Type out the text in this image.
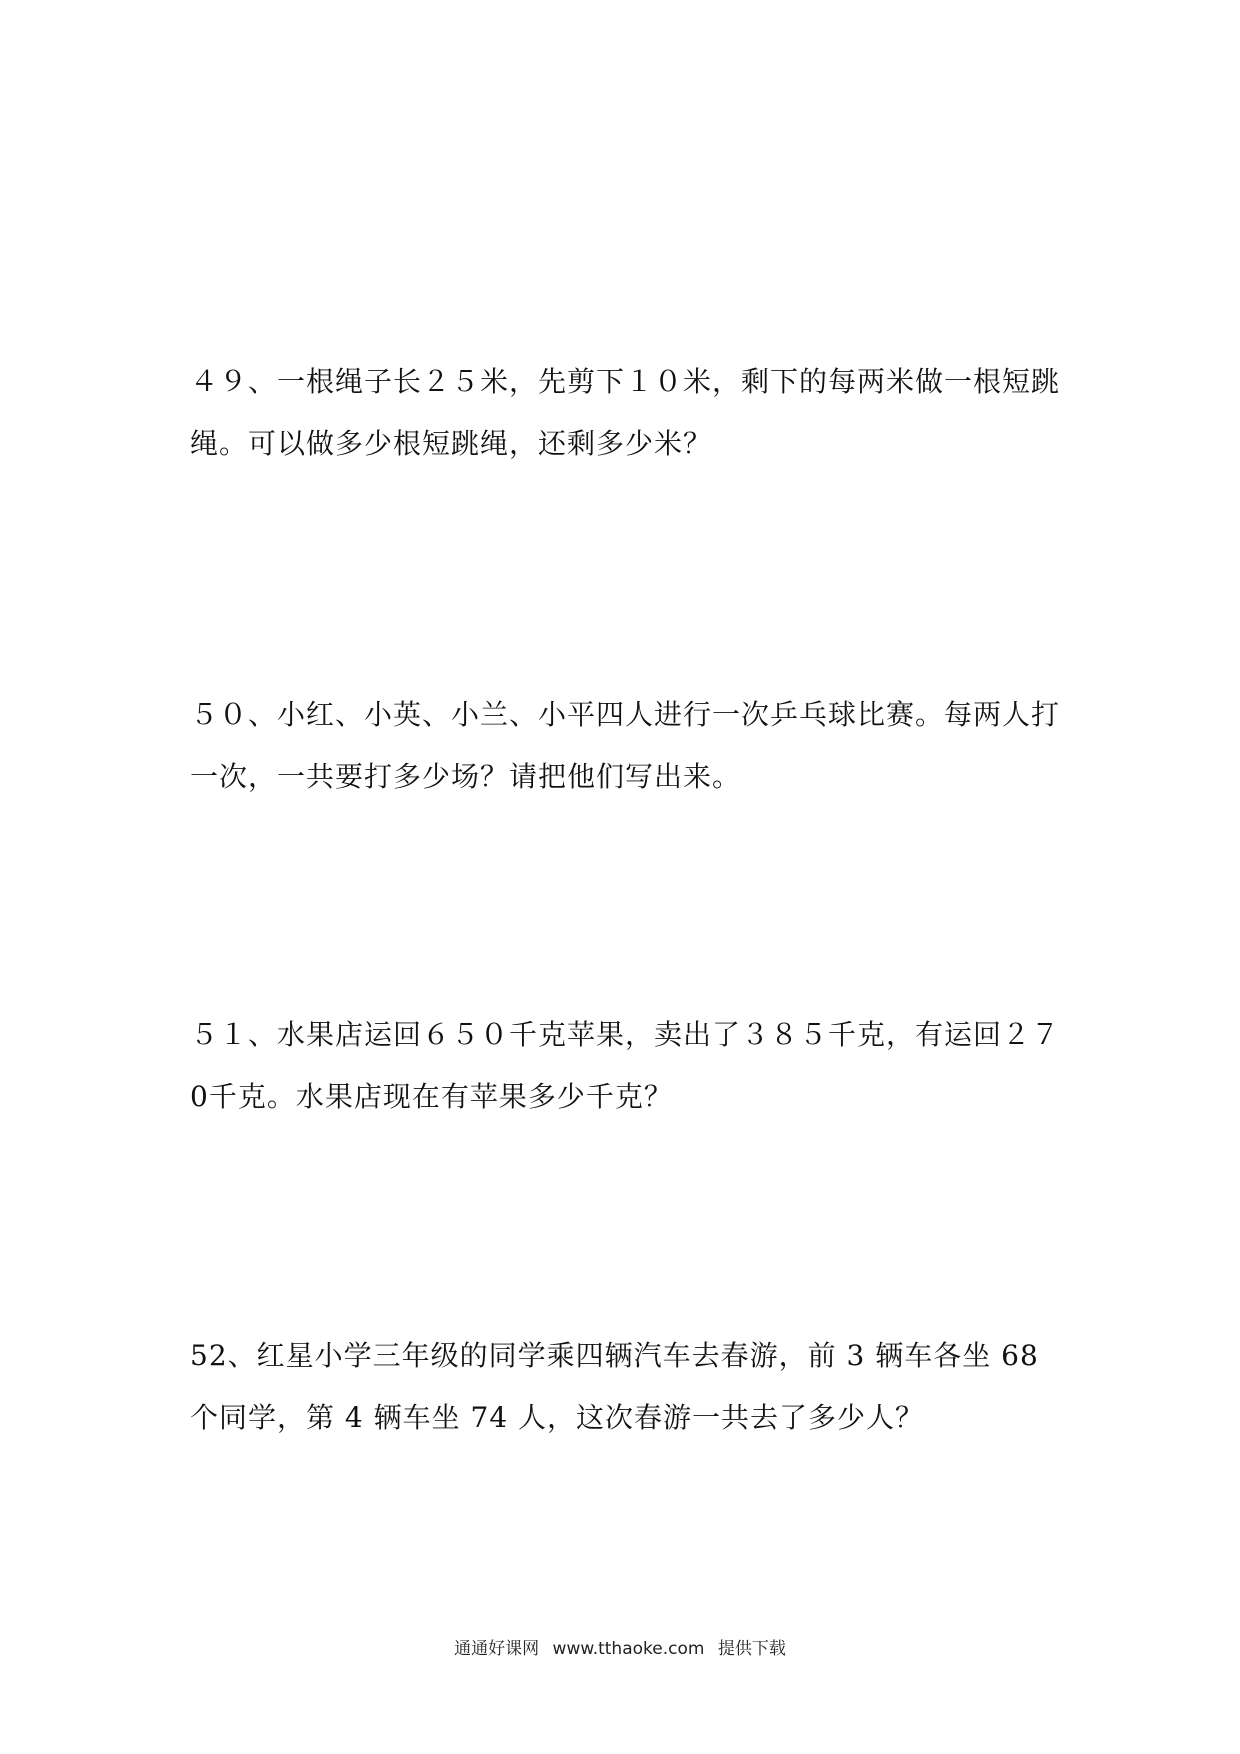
４９、一根绳子长２５米，先剪下１０米，剩下的每两米做一根短跳绳。可以做多少根短跳绳，还剩多少米？

５０、小红、小英、小兰、小平四人进行一次乒乓球比赛。每两人打一次，一共要打多少场？请把他们写出来。

５１、水果店运回６５０千克苹果，卖出了３８５千克，有运回２７0千克。水果店现在有苹果多少千克？

52、红星小学三年级的同学乘四辆汽车去春游，前 3 辆车各坐 68 个同学，第 4 辆车坐 74 人，这次春游一共去了多少人？

通通好课网 www.tthaoke.com 提供下载
